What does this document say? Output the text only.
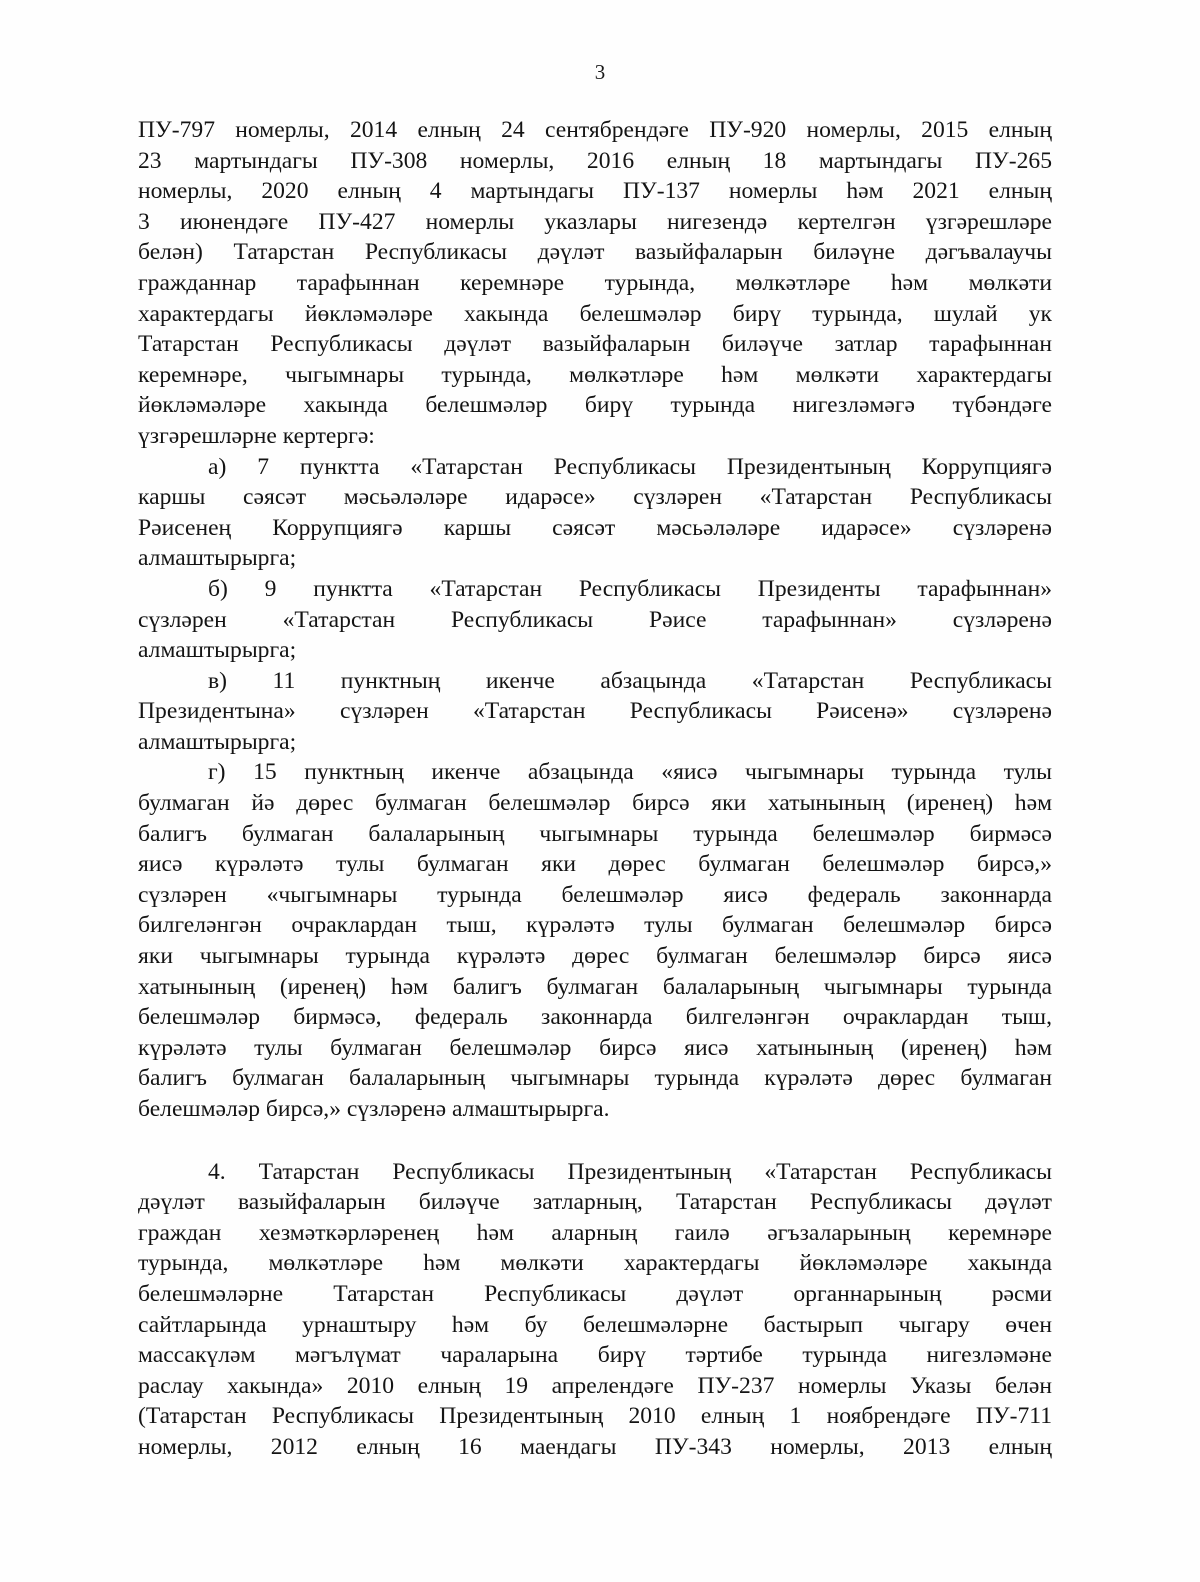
3
ПУ-797 номерлы, 2014 елның 24 сентябрендәге ПУ-920 номерлы, 2015 елның
23 мартындагы ПУ-308 номерлы, 2016 елның 18 мартындагы ПУ-265
номерлы, 2020 елның 4 мартындагы ПУ-137 номерлы һәм 2021 елның
3 июнендәге ПУ-427 номерлы указлары нигезендә кертелгән үзгәрешләре
белән) Татарстан Республикасы дәүләт вазыйфаларын биләүне дәгъвалаучы
гражданнар тарафыннан керемнәре турында, мөлкәтләре һәм мөлкәти
характердагы йөкләмәләре хакында белешмәләр бирү турында, шулай ук
Татарстан Республикасы дәүләт вазыйфаларын биләүче затлар тарафыннан
керемнәре, чыгымнары турында, мөлкәтләре һәм мөлкәти характердагы
йөкләмәләре хакында белешмәләр бирү турында нигезләмәгә түбәндәге
үзгәрешләрне кертергә:
а) 7 пунктта «Татарстан Республикасы Президентының Коррупциягә
каршы сәясәт мәсьәләләре идарәсе» сүзләрен «Татарстан Республикасы
Рәисенең Коррупциягә каршы сәясәт мәсьәләләре идарәсе» сүзләренә
алмаштырырга;
б) 9 пунктта «Татарстан Республикасы Президенты тарафыннан»
сүзләрен «Татарстан Республикасы Рәисе тарафыннан» сүзләренә
алмаштырырга;
в) 11 пунктның икенче абзацында «Татарстан Республикасы
Президентына» сүзләрен «Татарстан Республикасы Рәисенә» сүзләренә
алмаштырырга;
г) 15 пунктның икенче абзацында «яисә чыгымнары турында тулы
булмаган йә дөрес булмаган белешмәләр бирсә яки хатынының (иренең) һәм
балигъ булмаган балаларының чыгымнары турында белешмәләр бирмәсә
яисә күрәләтә тулы булмаган яки дөрес булмаган белешмәләр бирсә,»
сүзләрен «чыгымнары турында белешмәләр яисә федераль законнарда
билгеләнгән очраклардан тыш, күрәләтә тулы булмаган белешмәләр бирсә
яки чыгымнары турында күрәләтә дөрес булмаган белешмәләр бирсә яисә
хатынының (иренең) һәм балигъ булмаган балаларының чыгымнары турында
белешмәләр бирмәсә, федераль законнарда билгеләнгән очраклардан тыш,
күрәләтә тулы булмаган белешмәләр бирсә яисә хатынының (иренең) һәм
балигъ булмаган балаларының чыгымнары турында күрәләтә дөрес булмаган
белешмәләр бирсә,» сүзләренә алмаштырырга.
4. Татарстан Республикасы Президентының «Татарстан Республикасы
дәүләт вазыйфаларын биләүче затларның, Татарстан Республикасы дәүләт
граждан хезмәткәрләренең һәм аларның гаилә әгъзаларының керемнәре
турында, мөлкәтләре һәм мөлкәти характердагы йөкләмәләре хакында
белешмәләрне Татарстан Республикасы дәүләт органнарының рәсми
сайтларында урнаштыру һәм бу белешмәләрне бастырып чыгару өчен
массакүләм мәгълүмат чараларына бирү тәртибе турында нигезләмәне
раслау хакында» 2010 елның 19 апрелендәге ПУ-237 номерлы Указы белән
(Татарстан Республикасы Президентының 2010 елның 1 ноябрендәге ПУ-711
номерлы, 2012 елның 16 маендагы ПУ-343 номерлы, 2013 елның
